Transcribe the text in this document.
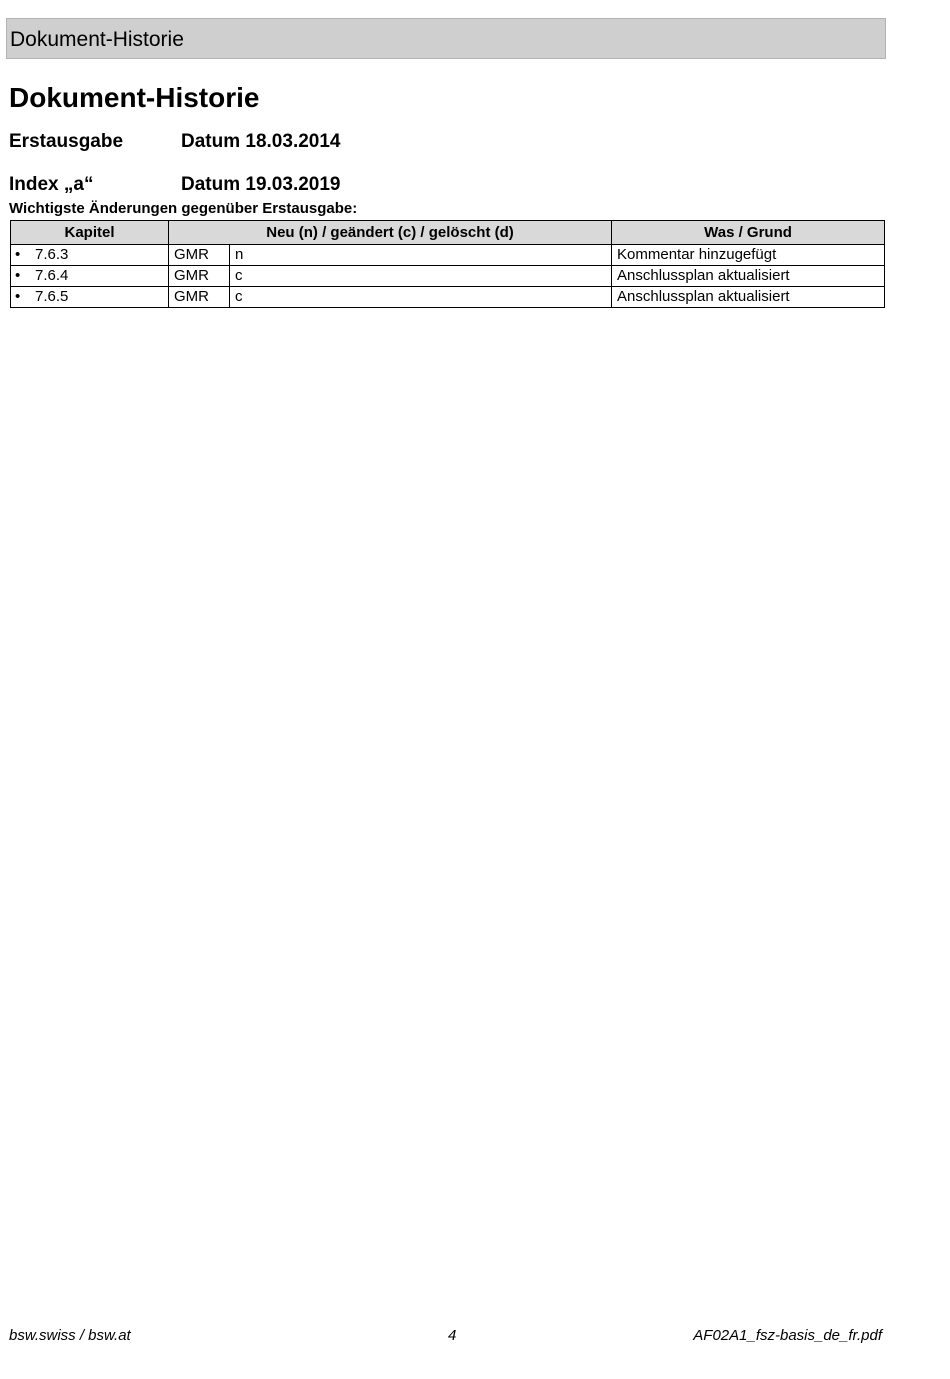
Dokument-Historie
Dokument-Historie
Erstausgabe	Datum 18.03.2014
Index „a“	Datum 19.03.2019
Wichtigste Änderungen gegenüber Erstausgabe:
Kapitel	Neu (n) / geändert (c) / gelöscht (d)		Was / Grund
• 7.6.3	GMR	n	Kommentar hinzugefügt
• 7.6.4	GMR	c	Anschlussplan aktualisiert
• 7.6.5	GMR	c	Anschlussplan aktualisiert
bsw.swiss / bsw.at	4	AF02A1_fsz-basis_de_fr.pdf
